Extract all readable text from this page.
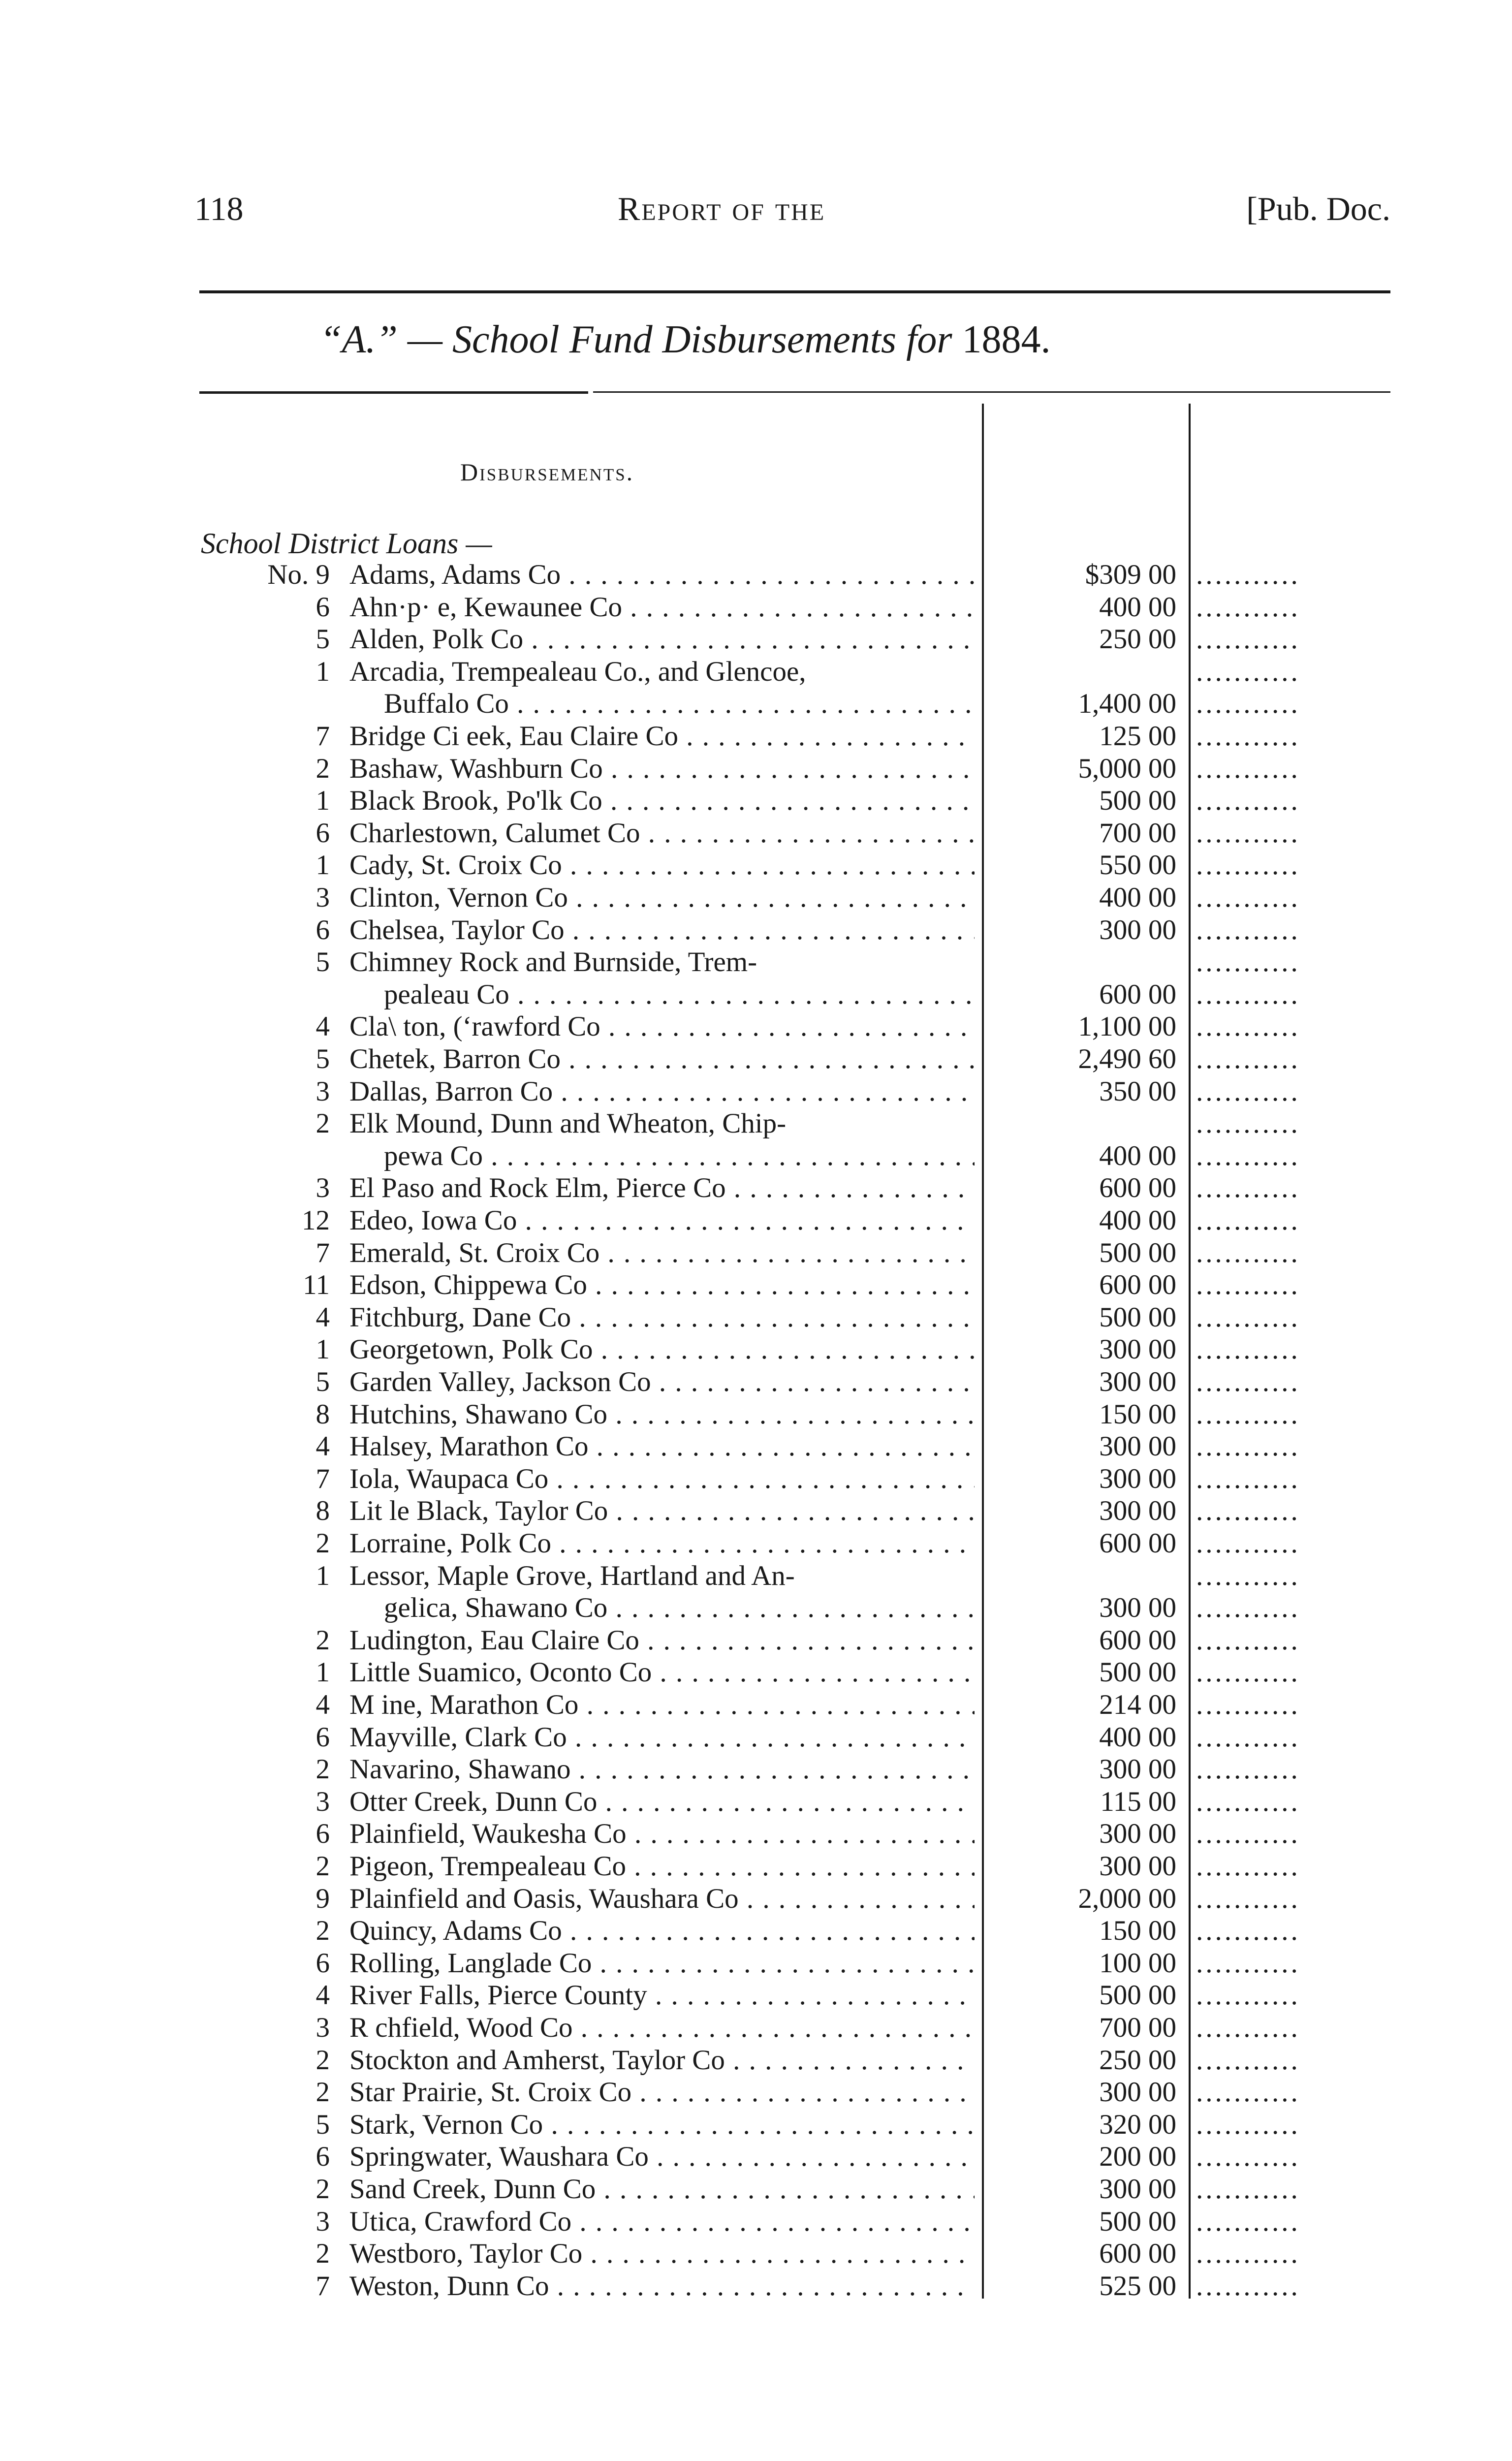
118	Report of the	[Pub. Doc.
“A.” — School Fund Disbursements for 1884.
Disbursements.
School District Loans —
No. 9 Adams, Adams Co . . .	$309 00 ...........
6 Ahn·p· e, Kewaunee Co . . .	400 00 ...........
5 Alden, Polk Co . . .	250 00 ...........
1 Arcadia, Trempealeau Co., and Glencoe,	...........
Buffalo Co . . .	1,400 00 ...........
7 Bridge Ci eek, Eau Claire Co . . .	125 00 ...........
2 Bashaw, Washburn Co . . .	5,000 00 ...........
1 Black Brook, Po'lk Co . . .	500 00 ...........
6 Charlestown, Calumet Co . . .	700 00 ...........
1 Cady, St. Croix Co . . .	550 00 ...........
3 Clinton, Vernon Co . . .	400 00 ...........
6 Chelsea, Taylor Co . . .	300 00 ...........
5 Chimney Rock and Burnside, Trem-	...........
pealeau Co . . .	600 00 ...........
4 Cla\ ton, (‘rawford Co . . .	1,100 00 ...........
5 Chetek, Barron Co . . .	2,490 60 ...........
3 Dallas, Barron Co . . .	350 00 ...........
2 Elk Mound, Dunn and Wheaton, Chip-	...........
pewa Co . . .	400 00 ...........
3 El Paso and Rock Elm, Pierce Co . . .	600 00 ...........
12 Edeo, Iowa Co . . .	400 00 ...........
7 Emerald, St. Croix Co . . .	500 00 ...........
11 Edson, Chippewa Co . . .	600 00 ...........
4 Fitchburg, Dane Co . . .	500 00 ...........
1 Georgetown, Polk Co . . .	300 00 ...........
5 Garden Valley, Jackson Co . . .	300 00 ...........
8 Hutchins, Shawano Co . . .	150 00 ...........
4 Halsey, Marathon Co . . .	300 00 ...........
7 Iola, Waupaca Co . . .	300 00 ...........
8 Lit le Black, Taylor Co . . .	300 00 ...........
2 Lorraine, Polk Co . . .	600 00 ...........
1 Lessor, Maple Grove, Hartland and An-	...........
gelica, Shawano Co . . .	300 00 ...........
2 Ludington, Eau Claire Co . . .	600 00 ...........
1 Little Suamico, Oconto Co . . .	500 00 ...........
4 M ine, Marathon Co . . .	214 00 ...........
6 Mayville, Clark Co . . .	400 00 ...........
2 Navarino, Shawano . . .	300 00 ...........
3 Otter Creek, Dunn Co . . .	115 00 ...........
6 Plainfield, Waukesha Co . . .	300 00 ...........
2 Pigeon, Trempealeau Co . . .	300 00 ...........
9 Plainfield and Oasis, Waushara Co . . .	2,000 00 ...........
2 Quincy, Adams Co . . .	150 00 ...........
6 Rolling, Langlade Co . . .	100 00 ...........
4 River Falls, Pierce County . . .	500 00 ...........
3 R chfield, Wood Co . . .	700 00 ...........
2 Stockton and Amherst, Taylor Co . . .	250 00 ...........
2 Star Prairie, St. Croix Co . . .	300 00 ...........
5 Stark, Vernon Co . . .	320 00 ...........
6 Springwater, Waushara Co . . .	200 00 ...........
2 Sand Creek, Dunn Co . . .	300 00 ...........
3 Utica, Crawford Co . . .	500 00 ...........
2 Westboro, Taylor Co . . .	600 00 ...........
7 Weston, Dunn Co . . .	525 00 ...........
